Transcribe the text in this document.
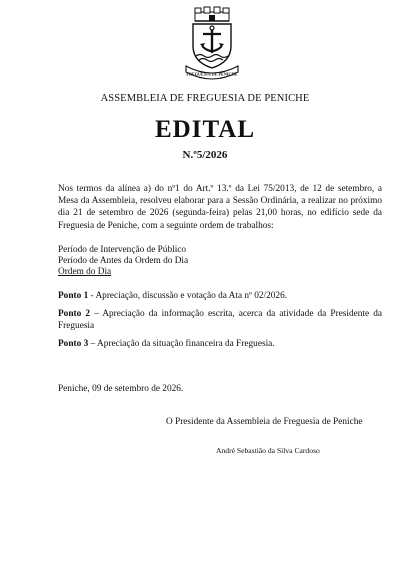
FREGUESIA DE PENICHE
ASSEMBLEIA DE FREGUESIA DE PENICHE
EDITAL
N.º5/2026
Nos termos da alínea a) do nº1 do Art.º 13.º da Lei 75/2013, de 12 de setembro, a Mesa da Assembleia, resolveu elaborar para a Sessão Ordinária, a realizar no próximo dia 21 de setembro de 2026 (segunda-feira) pelas 21,00 horas, no edifício sede da Freguesia de Peniche, com a seguinte ordem de trabalhos:
Período de Intervenção de Público
Período de Antes da Ordem do Dia
Ordem do Dia
Ponto 1 - Apreciação, discussão e votação da Ata nº 02/2026.
Ponto 2 – Apreciação da informação escrita, acerca da atividade da Presidente da Freguesia
Ponto 3 – Apreciação da situação financeira da Freguesia.
Peniche, 09 de setembro de 2026.
O Presidente da Assembleia de Freguesia de Peniche
André Sebastião da Silva Cardoso
